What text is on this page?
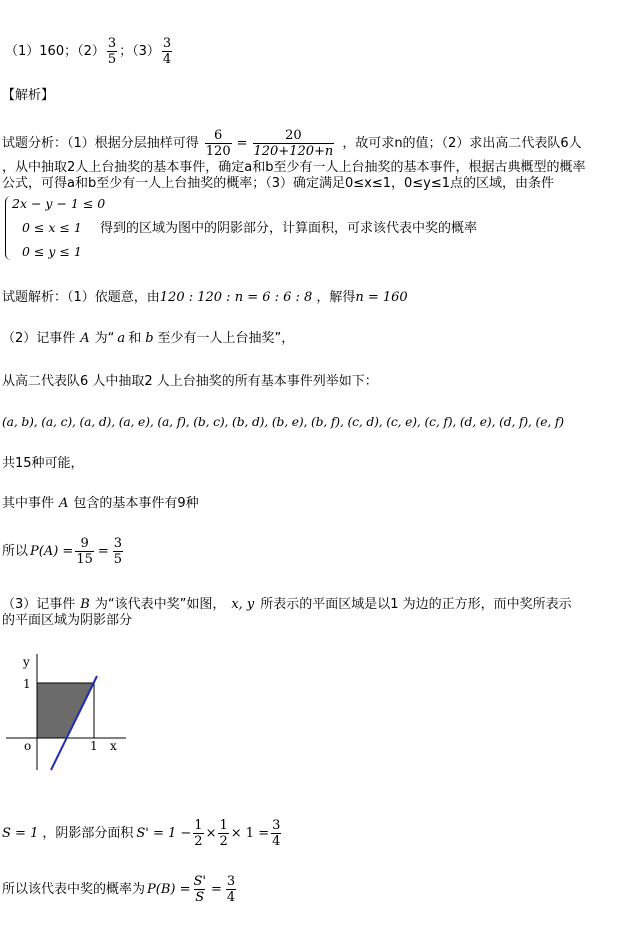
（1）160；$(2) \frac{3}{5}$ ；$(3) \frac{3}{4}$
【解析】
试题分析：（1）根据分层抽样可得 $\frac{6}{120} = \frac{20}{120+120+n}$ ，故可求n的值；（2）求出高二代表队6人
，从中抽取2人上台抽奖的基本事件，确定a和b至少有一人上台抽奖的基本事件，根据古典概型的概率
公式，可得a和b至少有一人上台抽奖的概率；（3）确定满足0≤x≤1，0≤y≤1点的区域，由条件
2x − y − 1 ≤ 0
0 ≤ x ≤ 1
0 ≤ y ≤ 1
得到的区域为图中的阴影部分，计算面积，可求该代表中奖的概率
试题解析：（1）依题意，由120 : 120 : n = 6 : 6 : 8 ，解得n = 160
（2）记事件 A 为“ a 和 b 至少有一人上台抽奖”，
从高二代表队6 人中抽取2 人上台抽奖的所有基本事件列举如下：
(a, b), (a, c), (a, d), (a, e), (a, f), (b, c), (b, d), (b, e), (b, f), (c, d), (c, e), (c, f), (d, e), (d, f), (e, f)
共15种可能，
其中事件 A 包含的基本事件有9种
所以 $P(A) = \frac{9}{15} = \frac{3}{5}$
（3）记事件 B 为“该代表中奖”如图， x, y 所表示的平面区域是以1 为边的正方形，而中奖所表示
的平面区域为阴影部分
y
1
o	1 x
S = 1 ，阴影部分面积 $S' = 1 - \frac{1}{2} \times \frac{1}{2} \times 1 = \frac{3}{4}$
所以该代表中奖的概率为 $P(B) = \frac{S'}{S} = \frac{3}{4}$
